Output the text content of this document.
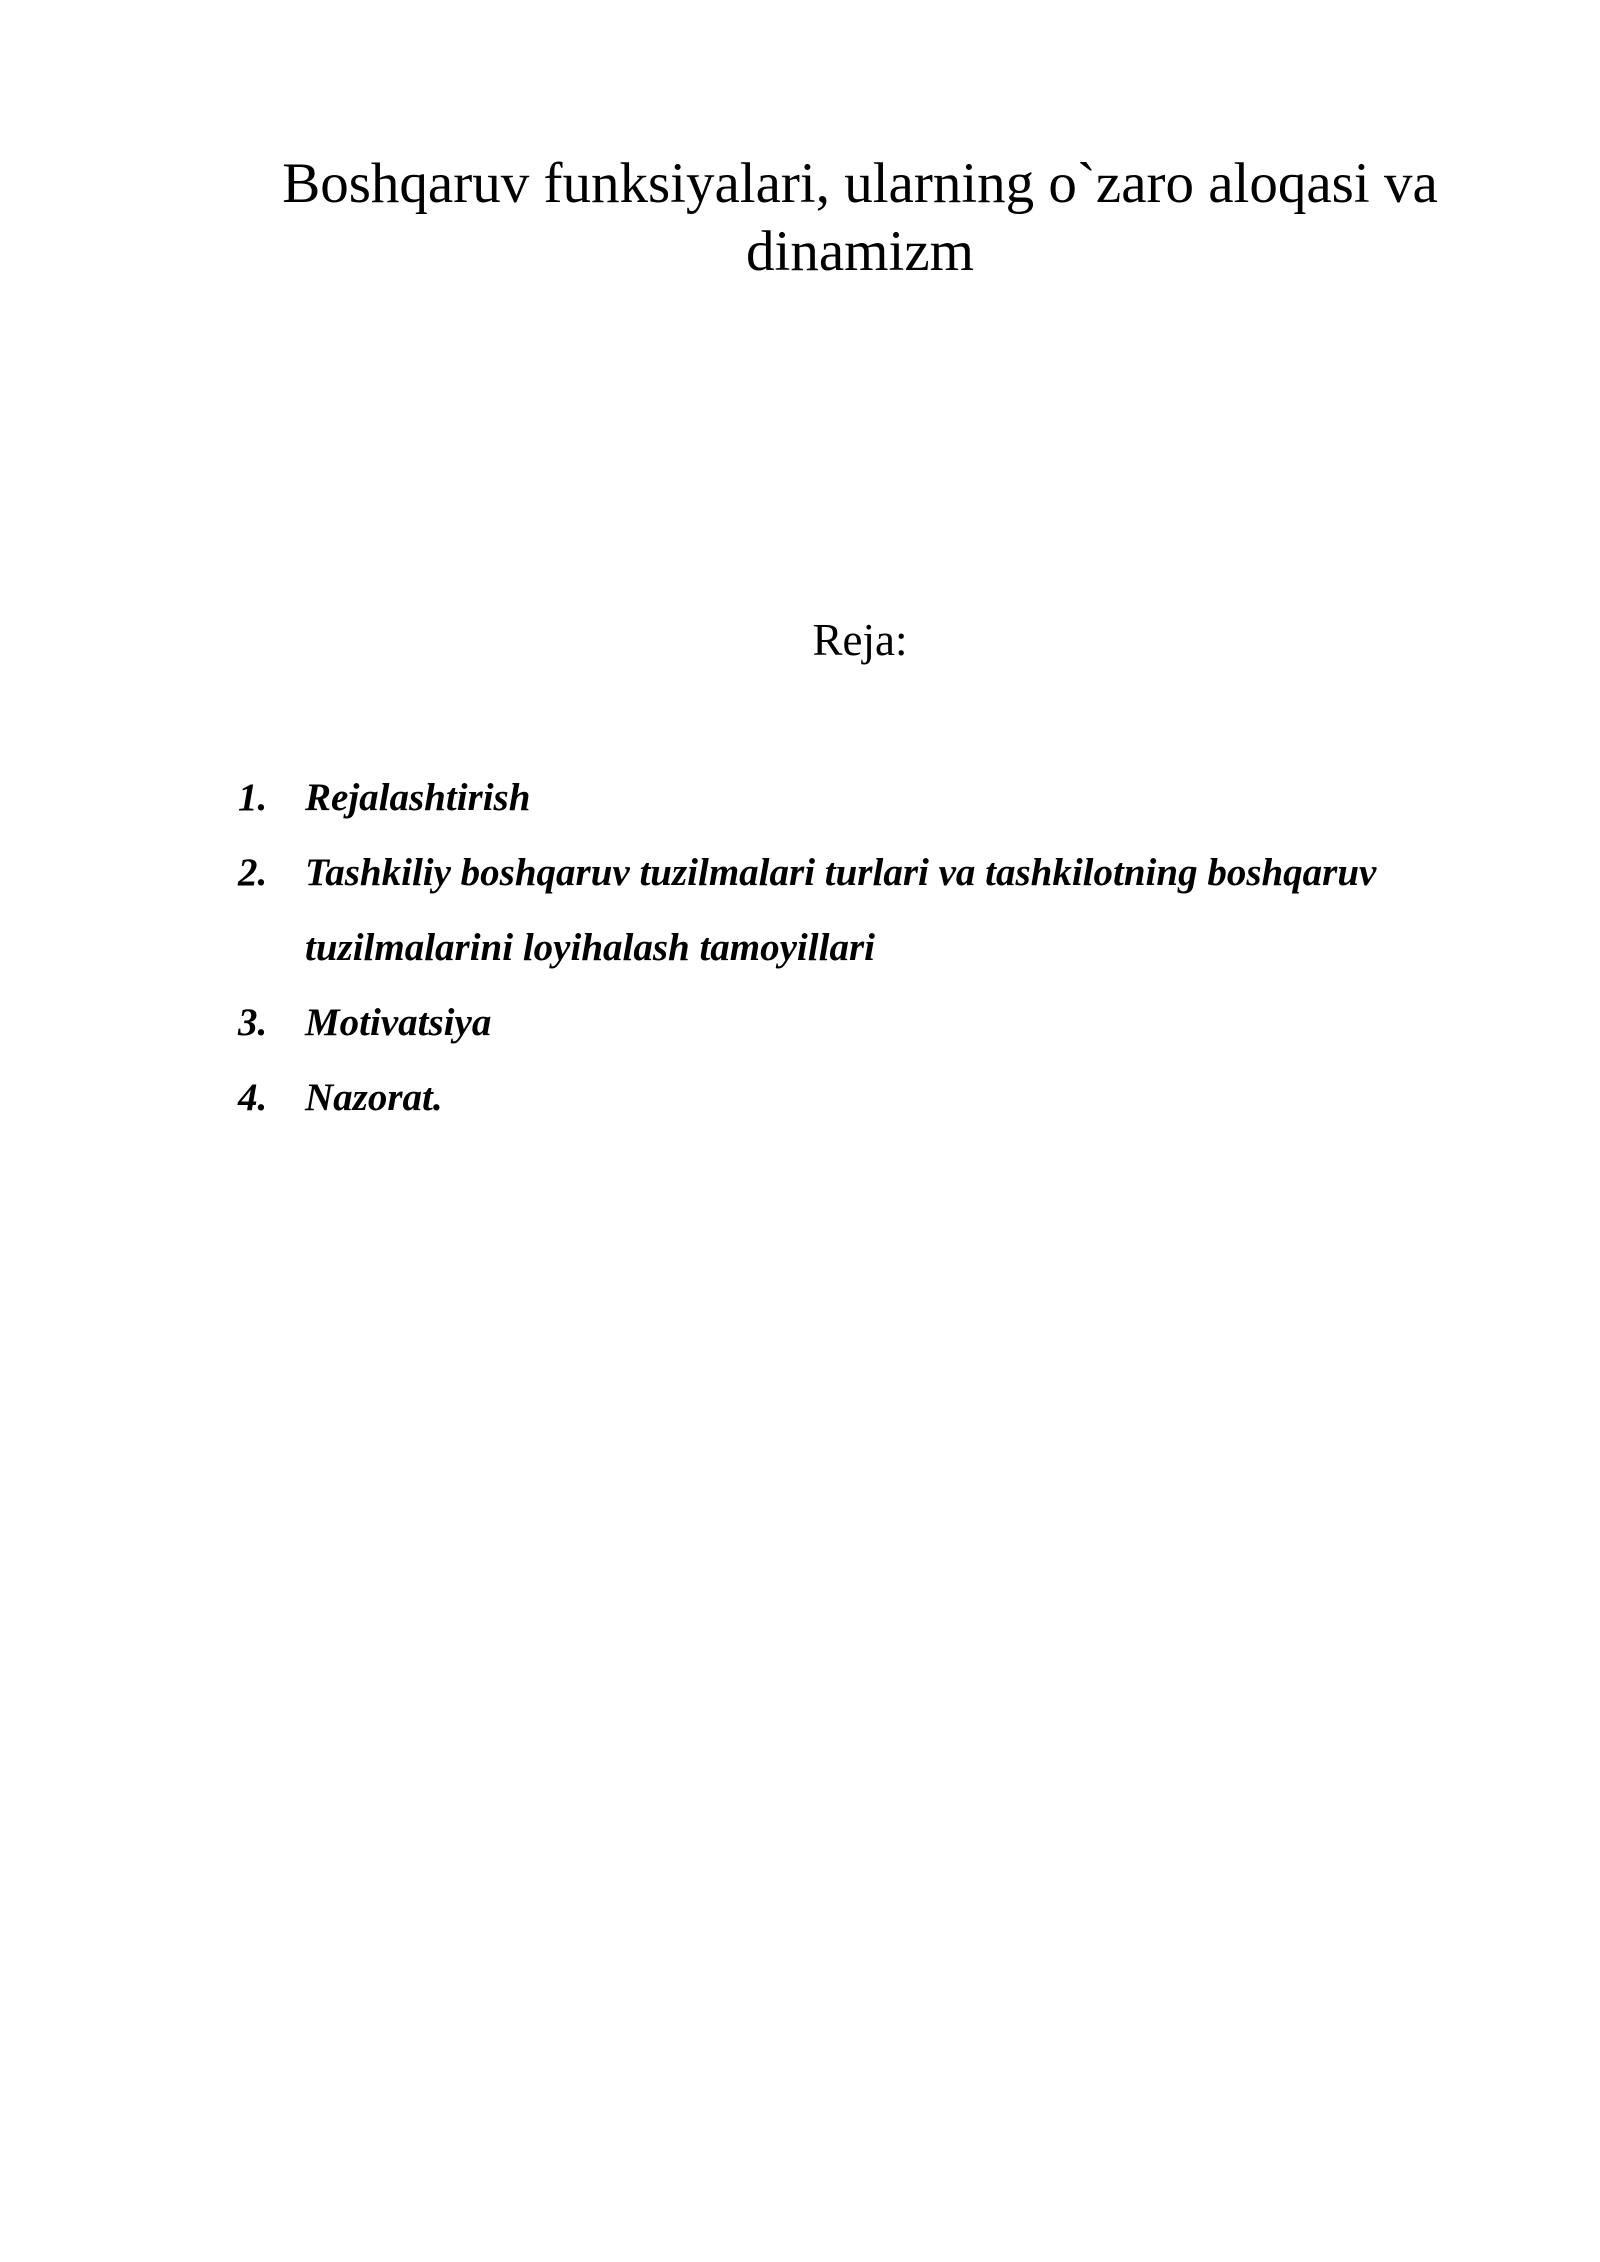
Boshqaruv funksiyalari, ularning o`zaro aloqasi va dinamizm

Reja:

1. Rejalashtirish
2. Tashkiliy boshqaruv tuzilmalari turlari va tashkilotning boshqaruv tuzilmalarini loyihalash tamoyillari
3. Motivatsiya
4. Nazorat.
